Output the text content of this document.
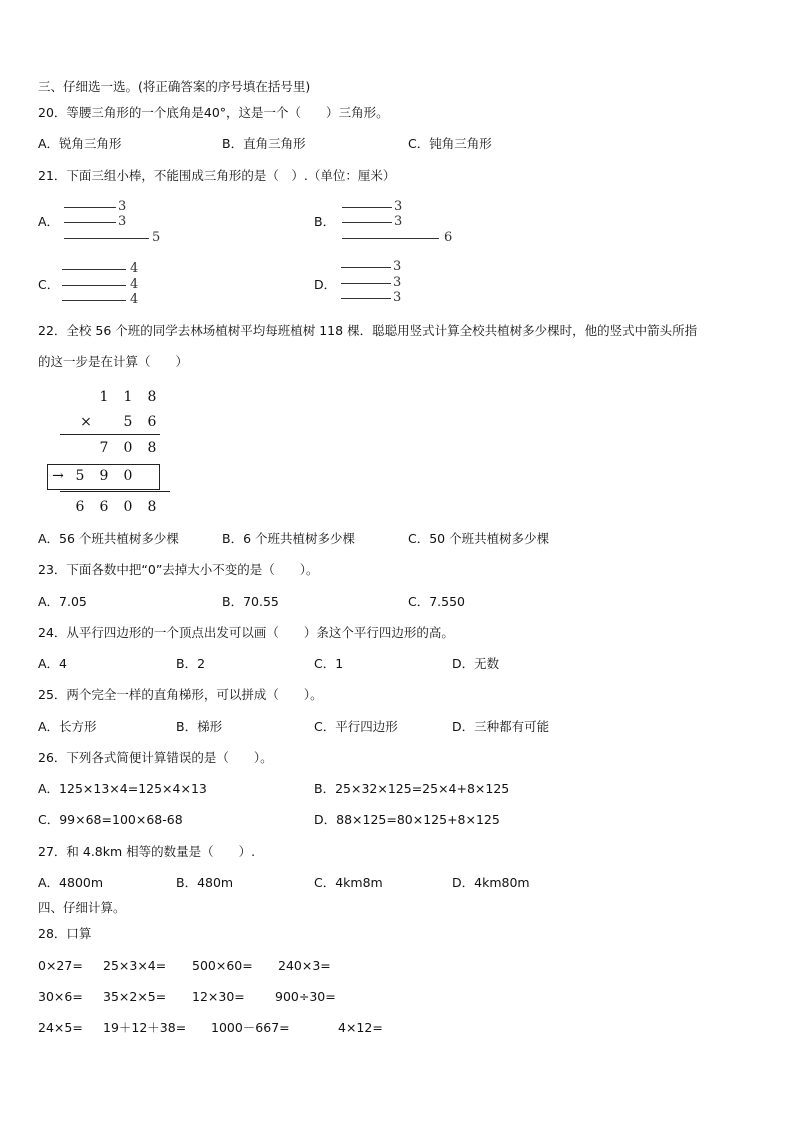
三、仔细选一选。(将正确答案的序号填在括号里)
20．等腰三角形的一个底角是40°，这是一个（　　）三角形。
A．锐角三角形	B．直角三角形	C．钝角三角形
21．下面三组小棒，不能围成三角形的是（　）.（单位：厘米）
A．
3
3
5
B．
3
3
6
C．
4
4
4
D．
3
3
3
22．全校 56 个班的同学去林场植树平均每班植树 118 棵．聪聪用竖式计算全校共植树多少棵时，他的竖式中箭头所指
的这一步是在计算（　　）
1 1 8
× 5 6
7 0 8
→ 5 9 0
6 6 0 8
A．56 个班共植树多少棵	B．6 个班共植树多少棵	C．50 个班共植树多少棵
23．下面各数中把“0”去掉大小不变的是（　　）。
A．7.05	B．70.55	C．7.550
24．从平行四边形的一个顶点出发可以画（　　）条这个平行四边形的高。
A．4	B．2	C．1	D．无数
25．两个完全一样的直角梯形，可以拼成（　　）。
A．长方形	B．梯形	C．平行四边形	D．三种都有可能
26．下列各式简便计算错误的是（　　）。
A．125×13×4=125×4×13	B．25×32×125=25×4+8×125
C．99×68=100×68-68	D．88×125=80×125+8×125
27．和 4.8km 相等的数量是（　　）.
A．4800m	B．480m	C．4km8m	D．4km80m
四、仔细计算。
28．口算
0×27= 25×3×4= 500×60= 240×3=
30×6= 35×2×5= 12×30= 900÷30=
24×5= 19＋12＋38= 1000－667=	4×12=
